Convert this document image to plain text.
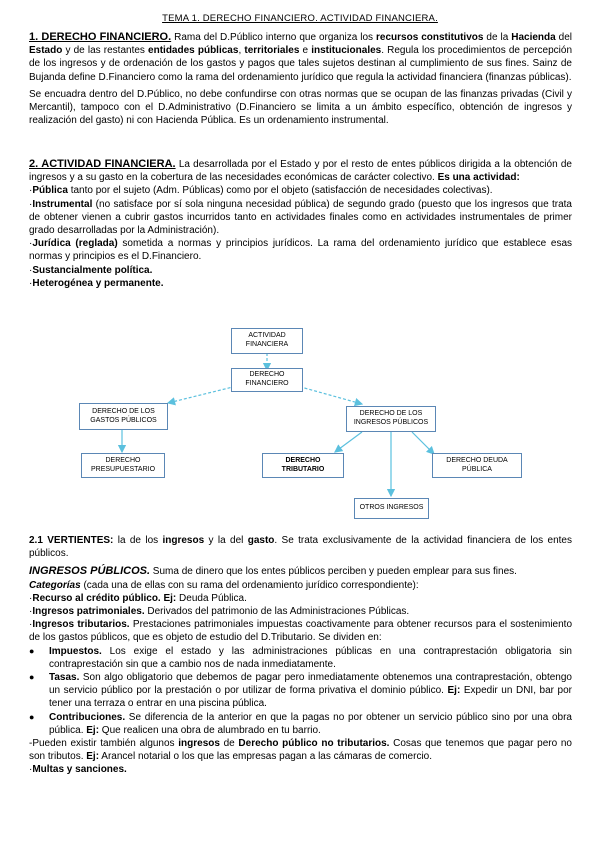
TEMA 1. DERECHO FINANCIERO. ACTIVIDAD FINANCIERA.

1. DERECHO FINANCIERO. Rama del D.Público interno que organiza los recursos constitutivos de la Hacienda del Estado y de las restantes entidades públicas, territoriales e institucionales. Regula los procedimientos de percepción de los ingresos y de ordenación de los gastos y pagos que tales sujetos destinan al cumplimiento de sus fines. Sainz de Bujanda define D.Financiero como la rama del ordenamiento jurídico que regula la actividad financiera (finanzas públicas).

Se encuadra dentro del D.Público, no debe confundirse con otras normas que se ocupan de las finanzas privadas (Civil y Mercantil), tampoco con el D.Administrativo (D.Financiero se limita a un ámbito específico, obtención de ingresos y realización del gasto) ni con Hacienda Pública. Es un ordenamiento instrumental.

2. ACTIVIDAD FINANCIERA. La desarrollada por el Estado y por el resto de entes públicos dirigida a la obtención de ingresos y a su gasto en la cobertura de las necesidades económicas de carácter colectivo. Es una actividad:

·Pública tanto por el sujeto (Adm. Públicas) como por el objeto (satisfacción de necesidades colectivas).

·Instrumental (no satisface por sí sola ninguna necesidad pública) de segundo grado (puesto que los ingresos que trata de obtener vienen a cubrir gastos incurridos tanto en actividades finales como en actividades instrumentales de primer grado desarrolladas por la Administración).

·Jurídica (reglada) sometida a normas y principios jurídicos. La rama del ordenamiento jurídico que establece esas normas y principios es el D.Financiero.

·Sustancialmente política.

·Heterogénea y permanente.

ACTIVIDAD
FINANCIERA
DERECHO
FINANCIERO
DERECHO DE LOS
GASTOS PÚBLICOS
DERECHO DE LOS
INGRESOS PÚBLICOS
DERECHO
PRESUPUESTARIO
DERECHO
TRIBUTARIO
DERECHO DEUDA
PÚBLICA
OTROS INGRESOS

2.1 VERTIENTES: la de los ingresos y la del gasto. Se trata exclusivamente de la actividad financiera de los entes públicos.

INGRESOS PÚBLICOS. Suma de dinero que los entes públicos perciben y pueden emplear para sus fines.

Categorías (cada una de ellas con su rama del ordenamiento jurídico correspondiente):

·Recurso al crédito público. Ej: Deuda Pública.

·Ingresos patrimoniales. Derivados del patrimonio de las Administraciones Públicas.

·Ingresos tributarios. Prestaciones patrimoniales impuestas coactivamente para obtener recursos para el sostenimiento de los gastos públicos, que es objeto de estudio del D.Tributario. Se dividen en:

● Impuestos. Los exige el estado y las administraciones públicas en una contraprestación obligatoria sin contraprestación sin que a cambio nos de nada inmediatamente.
● Tasas. Son algo obligatorio que debemos de pagar pero inmediatamente obtenemos una contraprestación, obtengo un servicio público por la prestación o por utilizar de forma privativa el dominio público. Ej: Expedir un DNI, bar por tener una terraza o entrar en una piscina pública.
● Contribuciones. Se diferencia de la anterior en que la pagas no por obtener un servicio público sino por una obra pública. Ej: Que realicen una obra de alumbrado en tu barrio.

-Pueden existir también algunos ingresos de Derecho público no tributarios. Cosas que tenemos que pagar pero no son tributos. Ej: Arancel notarial o los que las empresas pagan a las cámaras de comercio.

·Multas y sanciones.
